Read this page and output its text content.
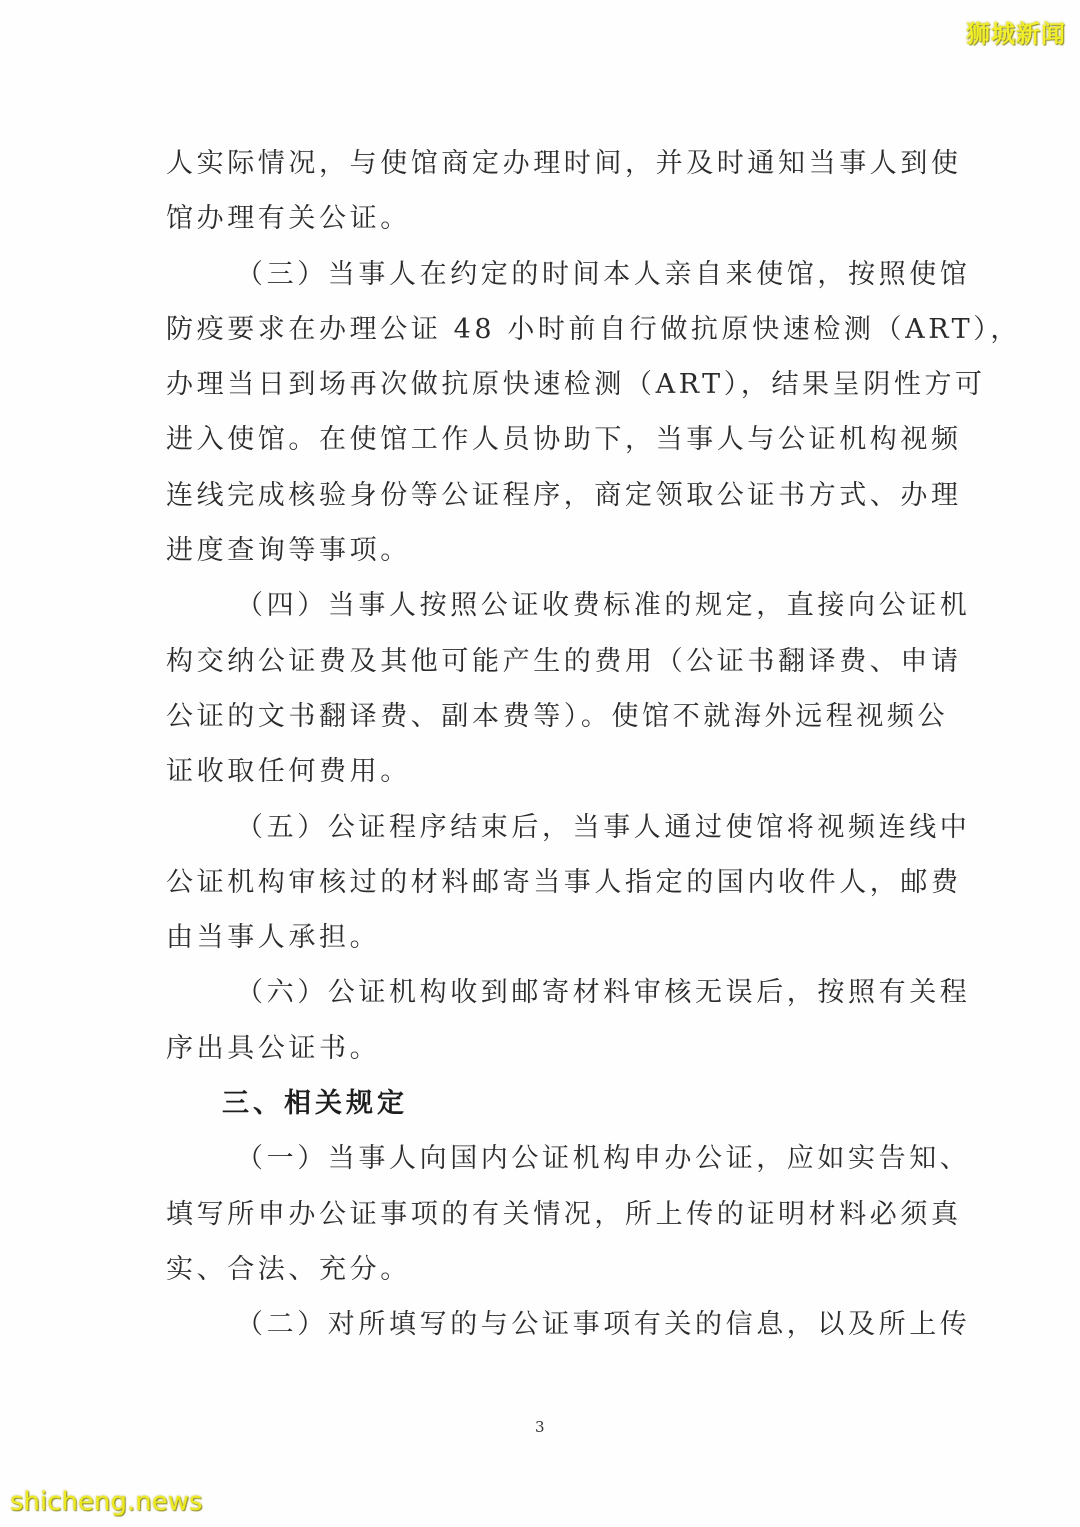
狮城新闻
人实际情况，与使馆商定办理时间，并及时通知当事人到使
馆办理有关公证。
（三）当事人在约定的时间本人亲自来使馆，按照使馆
防疫要求在办理公证 48 小时前自行做抗原快速检测（ART），
办理当日到场再次做抗原快速检测（ART），结果呈阴性方可
进入使馆。在使馆工作人员协助下，当事人与公证机构视频
连线完成核验身份等公证程序，商定领取公证书方式、办理
进度查询等事项。
（四）当事人按照公证收费标准的规定，直接向公证机
构交纳公证费及其他可能产生的费用（公证书翻译费、申请
公证的文书翻译费、副本费等）。使馆不就海外远程视频公
证收取任何费用。
（五）公证程序结束后，当事人通过使馆将视频连线中
公证机构审核过的材料邮寄当事人指定的国内收件人，邮费
由当事人承担。
（六）公证机构收到邮寄材料审核无误后，按照有关程
序出具公证书。
三、相关规定
（一）当事人向国内公证机构申办公证，应如实告知、
填写所申办公证事项的有关情况，所上传的证明材料必须真
实、合法、充分。
（二）对所填写的与公证事项有关的信息，以及所上传
3
shicheng.news
